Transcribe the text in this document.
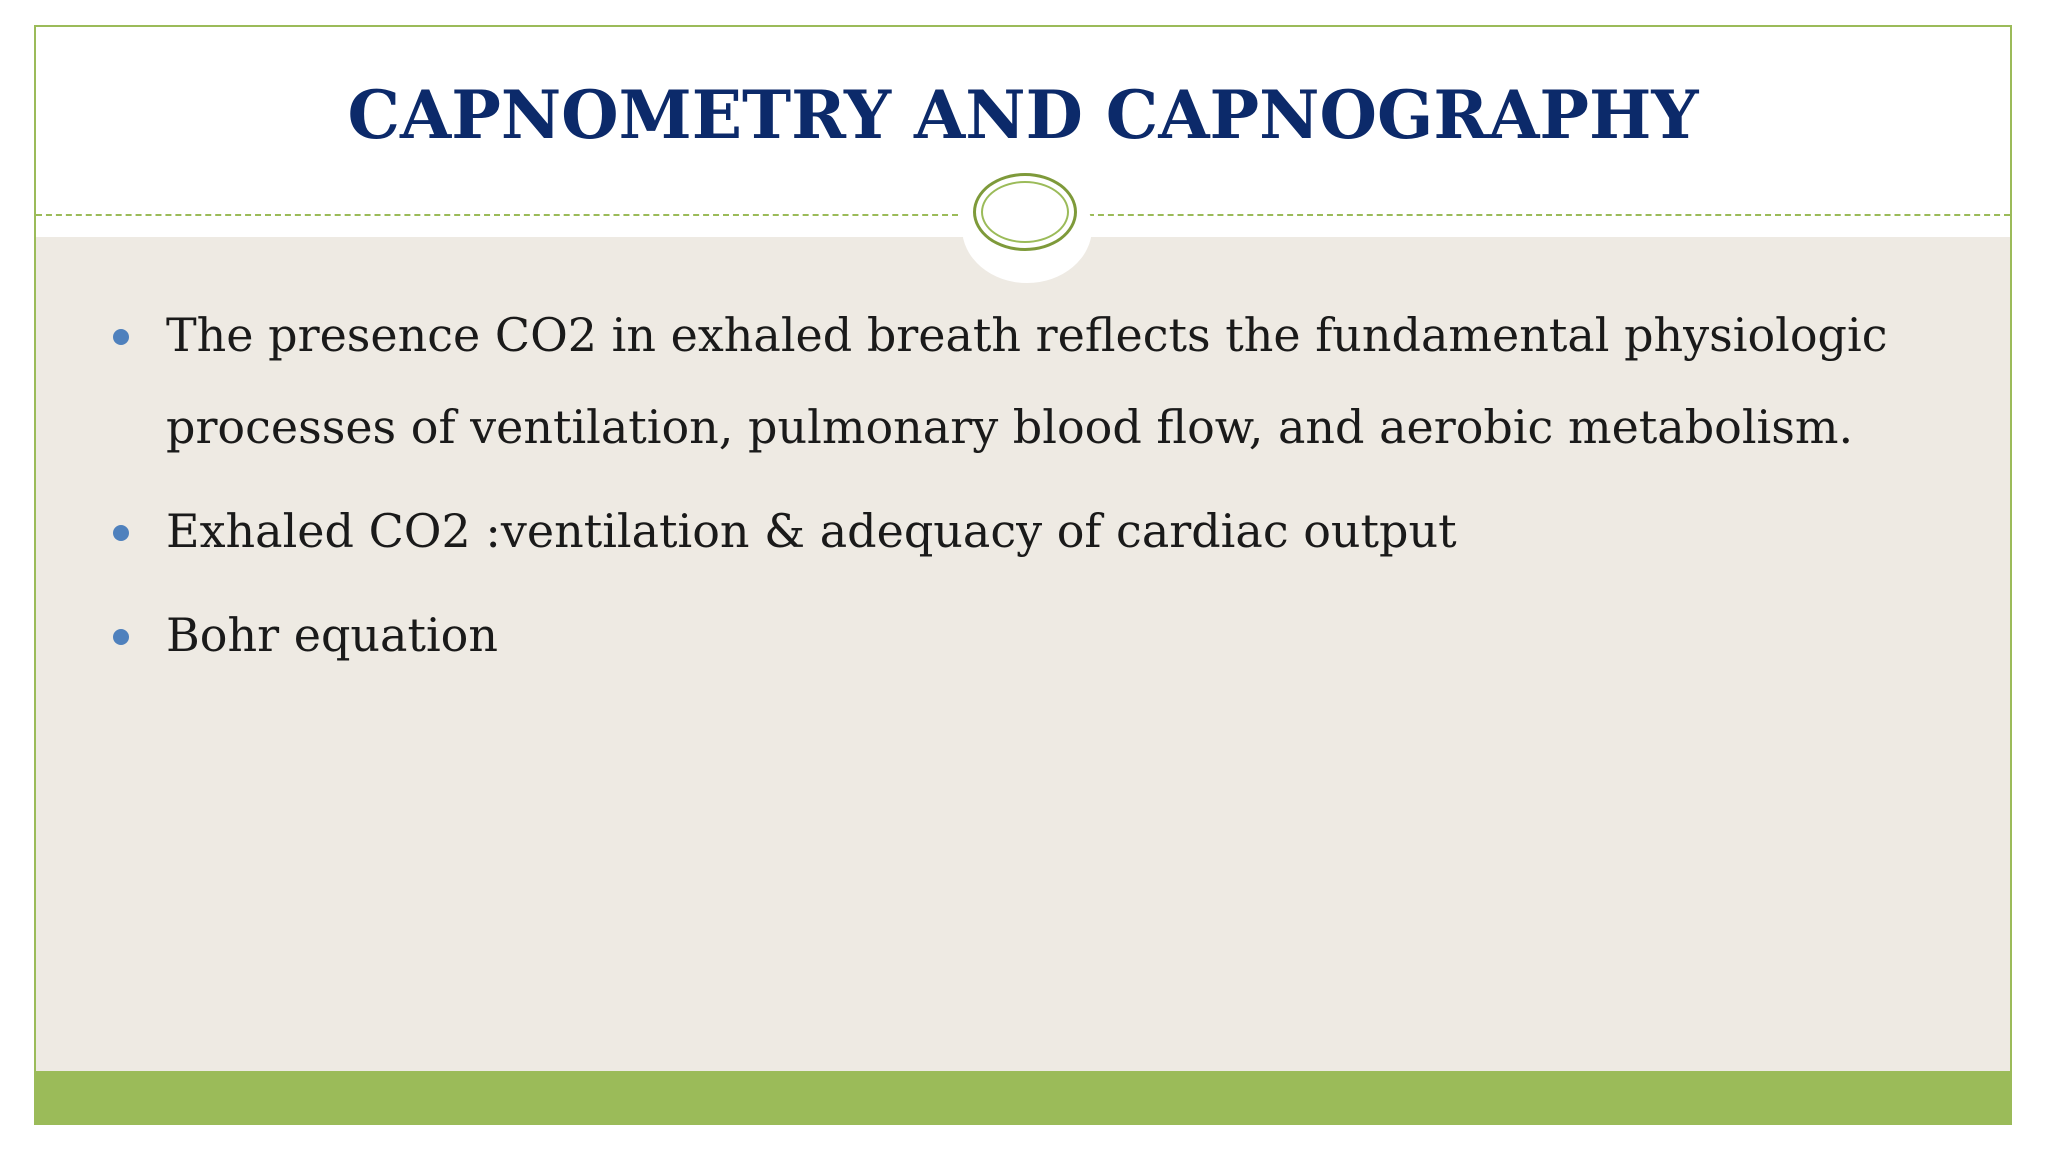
CAPNOMETRY AND CAPNOGRAPHY
The presence CO2 in exhaled breath reflects the fundamental physiologic processes of ventilation, pulmonary blood flow, and aerobic metabolism.
Exhaled CO2 :ventilation & adequacy of cardiac output
Bohr equation
